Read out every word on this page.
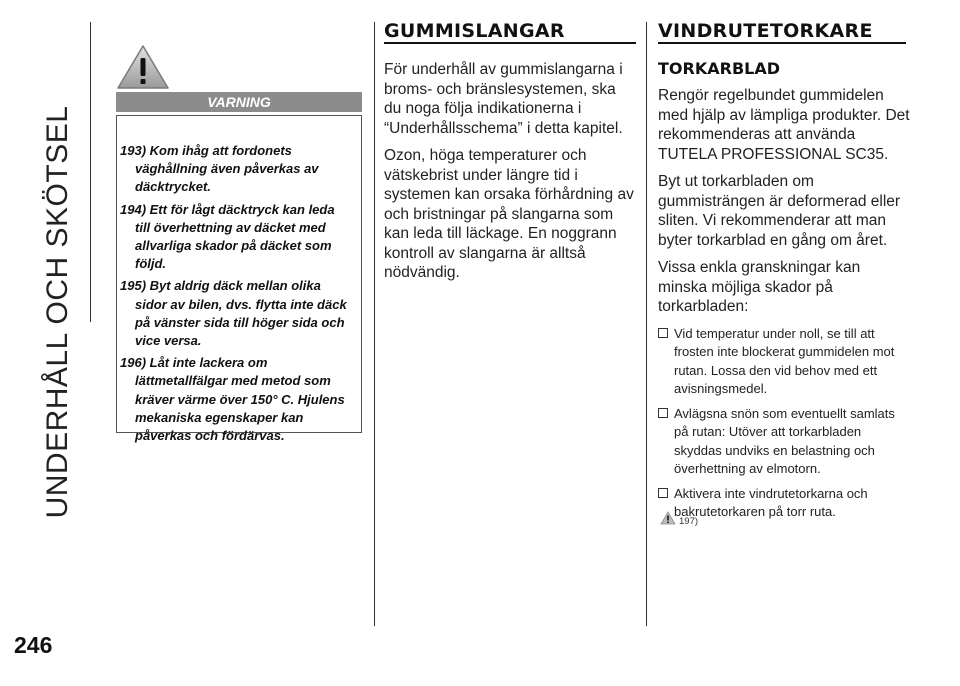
UNDERHÅLL OCH SKÖTSEL
246
VARNING

193) Kom ihåg att fordonets väghållning även påverkas av däcktrycket.

194) Ett för lågt däcktryck kan leda till överhettning av däcket med allvarliga skador på däcket som följd.

195) Byt aldrig däck mellan olika sidor av bilen, dvs. flytta inte däck på vänster sida till höger sida och vice versa.

196) Låt inte lackera om lättmetallfälgar med metod som kräver värme över 150° C. Hjulens mekaniska egenskaper kan påverkas och fördärvas.

GUMMISLANGAR

För underhåll av gummislangarna i broms- och bränslesystemen, ska du noga följa indikationerna i “Underhållsschema” i detta kapitel.

Ozon, höga temperaturer och vätskebrist under längre tid i systemen kan orsaka förhårdning av och bristningar på slangarna som kan leda till läckage. En noggrann kontroll av slangarna är alltså nödvändig.

VINDRUTETORKARE
TORKARBLAD

Rengör regelbundet gummidelen med hjälp av lämpliga produkter. Det rekommenderas att använda TUTELA PROFESSIONAL SC35.

Byt ut torkarbladen om gummisträngen är deformerad eller sliten. Vi rekommenderar att man byter torkarblad en gång om året.

Vissa enkla granskningar kan minska möjliga skador på torkarbladen:

Vid temperatur under noll, se till att frosten inte blockerat gummidelen mot rutan. Lossa den vid behov med ett avisningsmedel.
Avlägsna snön som eventuellt samlats på rutan: Utöver att torkarbladen skyddas undviks en belastning och överhettning av elmotorn.
Aktivera inte vindrutetorkarna och bakrutetorkaren på torr ruta.
197)
